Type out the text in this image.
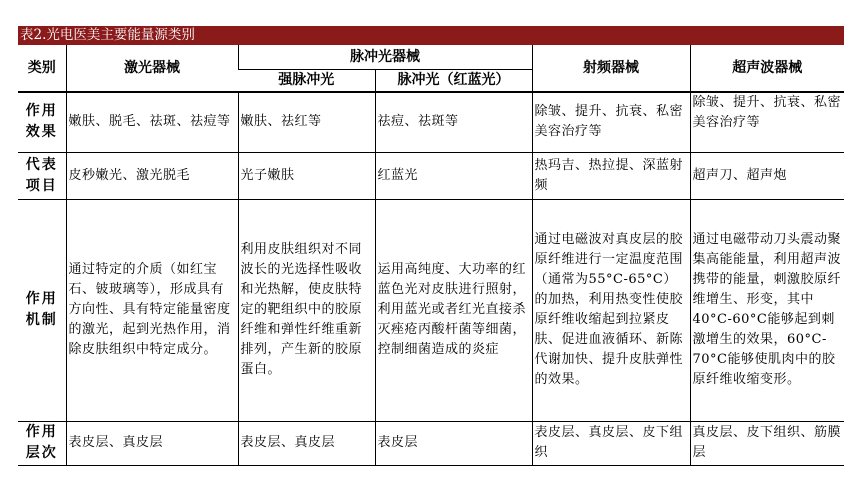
表2.光电医美主要能量源类别
类别	激光器械	脉冲光器械		射频器械	超声波器械
		强脉冲光	脉冲光（红蓝光）		
作用效果	嫩肤、脱毛、祛斑、祛痘等	嫩肤、祛红等	祛痘、祛斑等	除皱、提升、抗衰、私密美容治疗等	除皱、提升、抗衰、私密美容治疗等
代表项目	皮秒嫩光、激光脱毛	光子嫩肤	红蓝光	热玛吉、热拉提、深蓝射频	超声刀、超声炮
作用机制	通过特定的介质（如红宝石、铍玻璃等），形成具有方向性、具有特定能量密度的激光，起到光热作用，消除皮肤组织中特定成分。	利用皮肤组织对不同波长的光选择性吸收和光热解，使皮肤特定的靶组织中的胶原纤维和弹性纤维重新排列，产生新的胶原蛋白。	运用高纯度、大功率的红蓝色光对皮肤进行照射，利用蓝光或者红光直接杀灭痤疮丙酸杆菌等细菌，控制细菌造成的炎症	通过电磁波对真皮层的胶原纤维进行一定温度范围（通常为55°C-65°C）的加热，利用热变性使胶原纤维收缩起到拉紧皮肤、促进血液循环、新陈代谢加快、提升皮肤弹性的效果。	通过电磁带动刀头震动聚集高能能量，利用超声波携带的能量，刺激胶原纤维增生、形变，其中40°C-60°C能够起到刺激增生的效果，60°C-70°C能够使肌肉中的胶原纤维收缩变形。
作用层次	表皮层、真皮层	表皮层、真皮层	表皮层	表皮层、真皮层、皮下组织	真皮层、皮下组织、筋膜层
